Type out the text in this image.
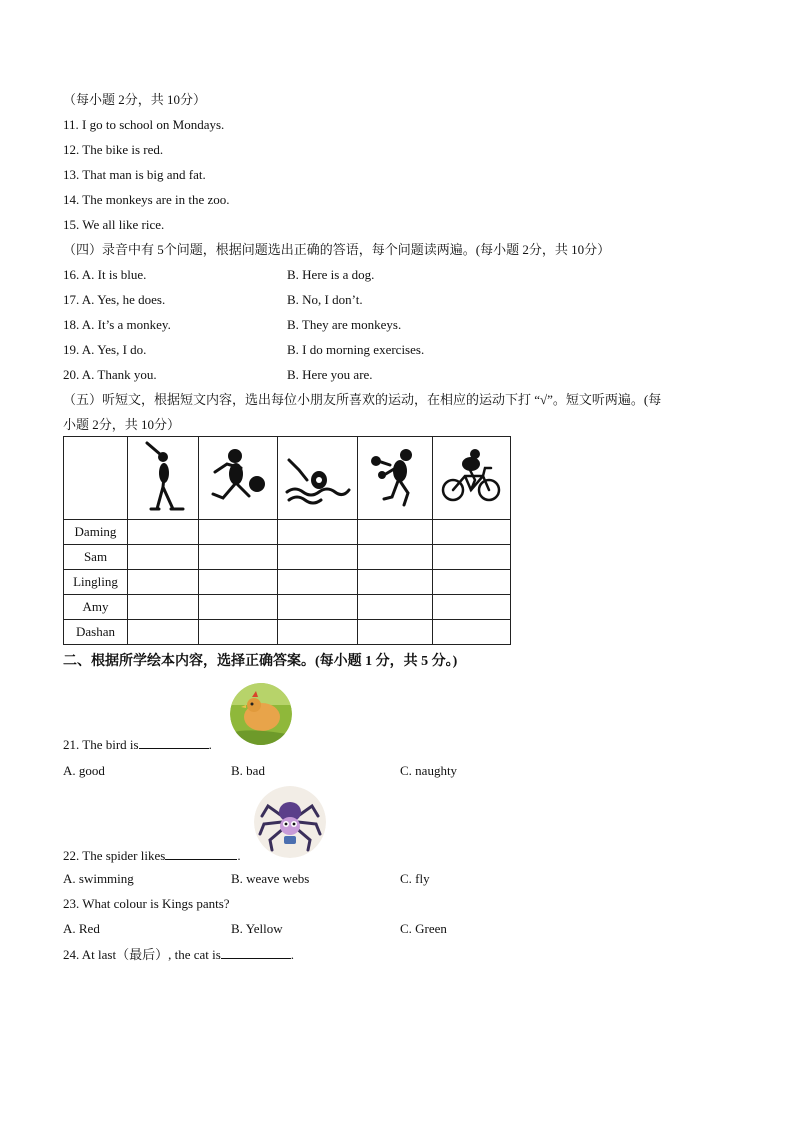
（每小题 2分，共 10分）
11. I go to school on Mondays.
12. The bike is red.
13. That man is big and fat.
14. The monkeys are in the zoo.
15. We all like rice.
（四）录音中有 5个问题，根据问题选出正确的答语，每个问题读两遍。(每小题 2分，共 10分）
16. A. It is blue.	B. Here is a dog.
17. A. Yes, he does.	B. No, I don’t.
18. A. It’s a monkey.	B. They are monkeys.
19. A. Yes, I do.	B. I do morning exercises.
20. A. Thank you.	B. Here you are.
（五）听短文，根据短文内容，选出每位小朋友所喜欢的运动，在相应的运动下打 “√”。短文听两遍。(每
小题 2分，共 10分）

Daming					
Sam					
Lingling					
Amy					
Dashan					
二、根据所学绘本内容，选择正确答案。(每小题 1 分，共 5 分。)
21. The bird is	.
A. good	B. bad	C. naughty
22. The spider likes	.
A. swimming	B. weave webs	C. fly
23. What colour is Kings pants?
A. Red	B. Yellow	C. Green
24. At last（最后）, the cat is	.
